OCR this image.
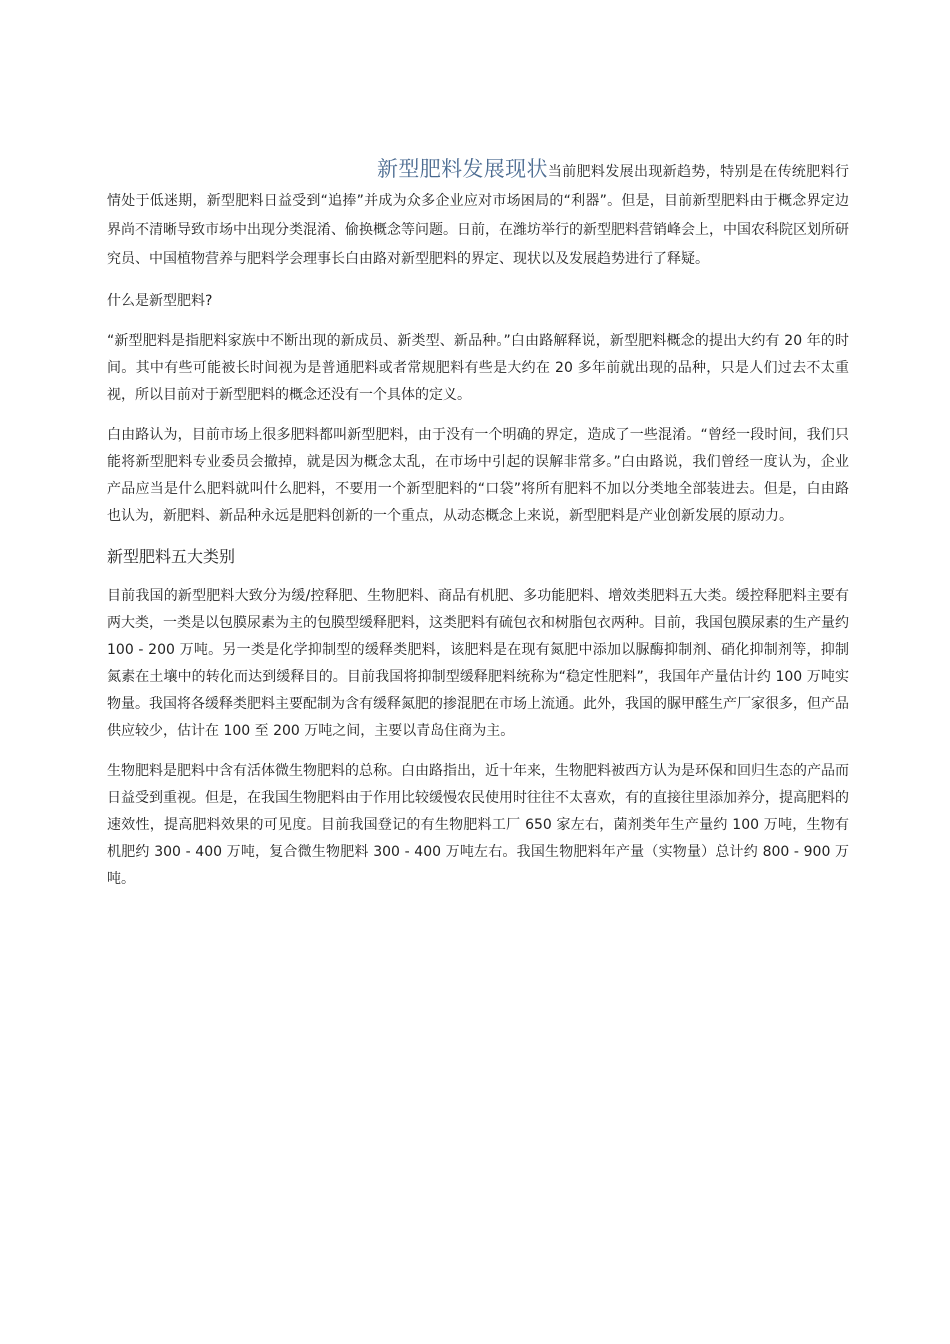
新型肥料发展现状当前肥料发展出现新趋势，特别是在传统肥料行情处于低迷期，新型肥料日益受到“追捧”并成为众多企业应对市场困局的“利器”。但是，目前新型肥料由于概念界定边界尚不清晰导致市场中出现分类混淆、偷换概念等问题。日前，在潍坊举行的新型肥料营销峰会上，中国农科院区划所研究员、中国植物营养与肥料学会理事长白由路对新型肥料的界定、现状以及发展趋势进行了释疑。

什么是新型肥料?

“新型肥料是指肥料家族中不断出现的新成员、新类型、新品种。”白由路解释说，新型肥料概念的提出大约有 20 年的时间。其中有些可能被长时间视为是普通肥料或者常规肥料有些是大约在 20 多年前就出现的品种，只是人们过去不太重视，所以目前对于新型肥料的概念还没有一个具体的定义。

白由路认为，目前市场上很多肥料都叫新型肥料，由于没有一个明确的界定，造成了一些混淆。“曾经一段时间，我们只能将新型肥料专业委员会撤掉，就是因为概念太乱，在市场中引起的误解非常多。”白由路说，我们曾经一度认为，企业产品应当是什么肥料就叫什么肥料，不要用一个新型肥料的“口袋”将所有肥料不加以分类地全部装进去。但是，白由路也认为，新肥料、新品种永远是肥料创新的一个重点，从动态概念上来说，新型肥料是产业创新发展的原动力。

新型肥料五大类别

目前我国的新型肥料大致分为缓/控释肥、生物肥料、商品有机肥、多功能肥料、增效类肥料五大类。缓控释肥料主要有两大类，一类是以包膜尿素为主的包膜型缓释肥料，这类肥料有硫包衣和树脂包衣两种。目前，我国包膜尿素的生产量约 100 - 200 万吨。另一类是化学抑制型的缓释类肥料，该肥料是在现有氮肥中添加以脲酶抑制剂、硝化抑制剂等，抑制氮素在土壤中的转化而达到缓释目的。目前我国将抑制型缓释肥料统称为“稳定性肥料”，我国年产量估计约 100 万吨实物量。我国将各缓释类肥料主要配制为含有缓释氮肥的掺混肥在市场上流通。此外，我国的脲甲醛生产厂家很多，但产品供应较少，估计在 100 至 200 万吨之间，主要以青岛住商为主。

生物肥料是肥料中含有活体微生物肥料的总称。白由路指出，近十年来，生物肥料被西方认为是环保和回归生态的产品而日益受到重视。但是，在我国生物肥料由于作用比较缓慢农民使用时往往不太喜欢，有的直接往里添加养分，提高肥料的速效性，提高肥料效果的可见度。目前我国登记的有生物肥料工厂 650 家左右，菌剂类年生产量约 100 万吨，生物有机肥约 300 - 400 万吨，复合微生物肥料 300 - 400 万吨左右。我国生物肥料年产量（实物量）总计约 800 - 900 万吨。
